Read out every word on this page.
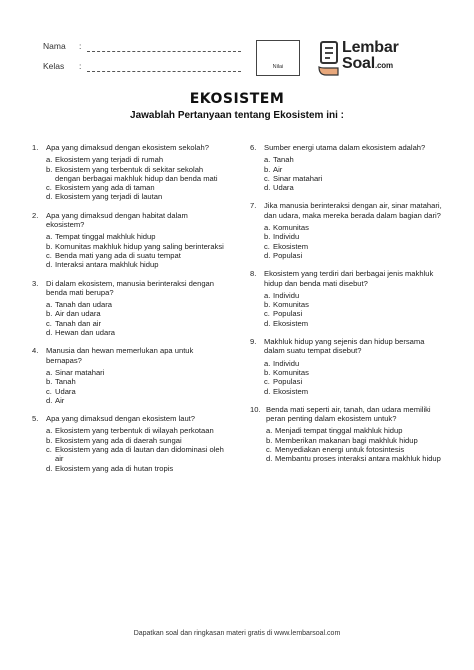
Nama :
Kelas :	Nilai
Lembar
Soal.com
EKOSISTEM
Jawablah Pertanyaan tentang Ekosistem ini :
1.	Apa yang dimaksud dengan ekosistem sekolah?
a. Ekosistem yang terjadi di rumah
b. Ekosistem yang terbentuk di sekitar sekolah dengan berbagai makhluk hidup dan benda mati
c. Ekosistem yang ada di taman
d. Ekosistem yang terjadi di lautan
2.	Apa yang dimaksud dengan habitat dalam ekosistem?
a. Tempat tinggal makhluk hidup
b. Komunitas makhluk hidup yang saling berinteraksi
c. Benda mati yang ada di suatu tempat
d. Interaksi antara makhluk hidup
3.	Di dalam ekosistem, manusia berinteraksi dengan benda mati berupa?
a. Tanah dan udara
b. Air dan udara
c. Tanah dan air
d. Hewan dan udara
4.	Manusia dan hewan memerlukan apa untuk bernapas?
a. Sinar matahari
b. Tanah
c. Udara
d. Air
5.	Apa yang dimaksud dengan ekosistem laut?
a. Ekosistem yang terbentuk di wilayah perkotaan
b. Ekosistem yang ada di daerah sungai
c. Ekosistem yang ada di lautan dan didominasi oleh air
d. Ekosistem yang ada di hutan tropis
6.	Sumber energi utama dalam ekosistem adalah?
a. Tanah
b. Air
c. Sinar matahari
d. Udara
7.	Jika manusia berinteraksi dengan air, sinar matahari, dan udara, maka mereka berada dalam bagian dari?
a. Komunitas
b. Individu
c. Ekosistem
d. Populasi
8.	Ekosistem yang terdiri dari berbagai jenis makhluk hidup dan benda mati disebut?
a. Individu
b. Komunitas
c. Populasi
d. Ekosistem
9.	Makhluk hidup yang sejenis dan hidup bersama dalam suatu tempat disebut?
a. Individu
b. Komunitas
c. Populasi
d. Ekosistem
10. Benda mati seperti air, tanah, dan udara memiliki peran penting dalam ekosistem untuk?
a. Menjadi tempat tinggal makhluk hidup
b. Memberikan makanan bagi makhluk hidup
c. Menyediakan energi untuk fotosintesis
d. Membantu proses interaksi antara makhluk hidup
Dapatkan soal dan ringkasan materi gratis di www.lembarsoal.com
